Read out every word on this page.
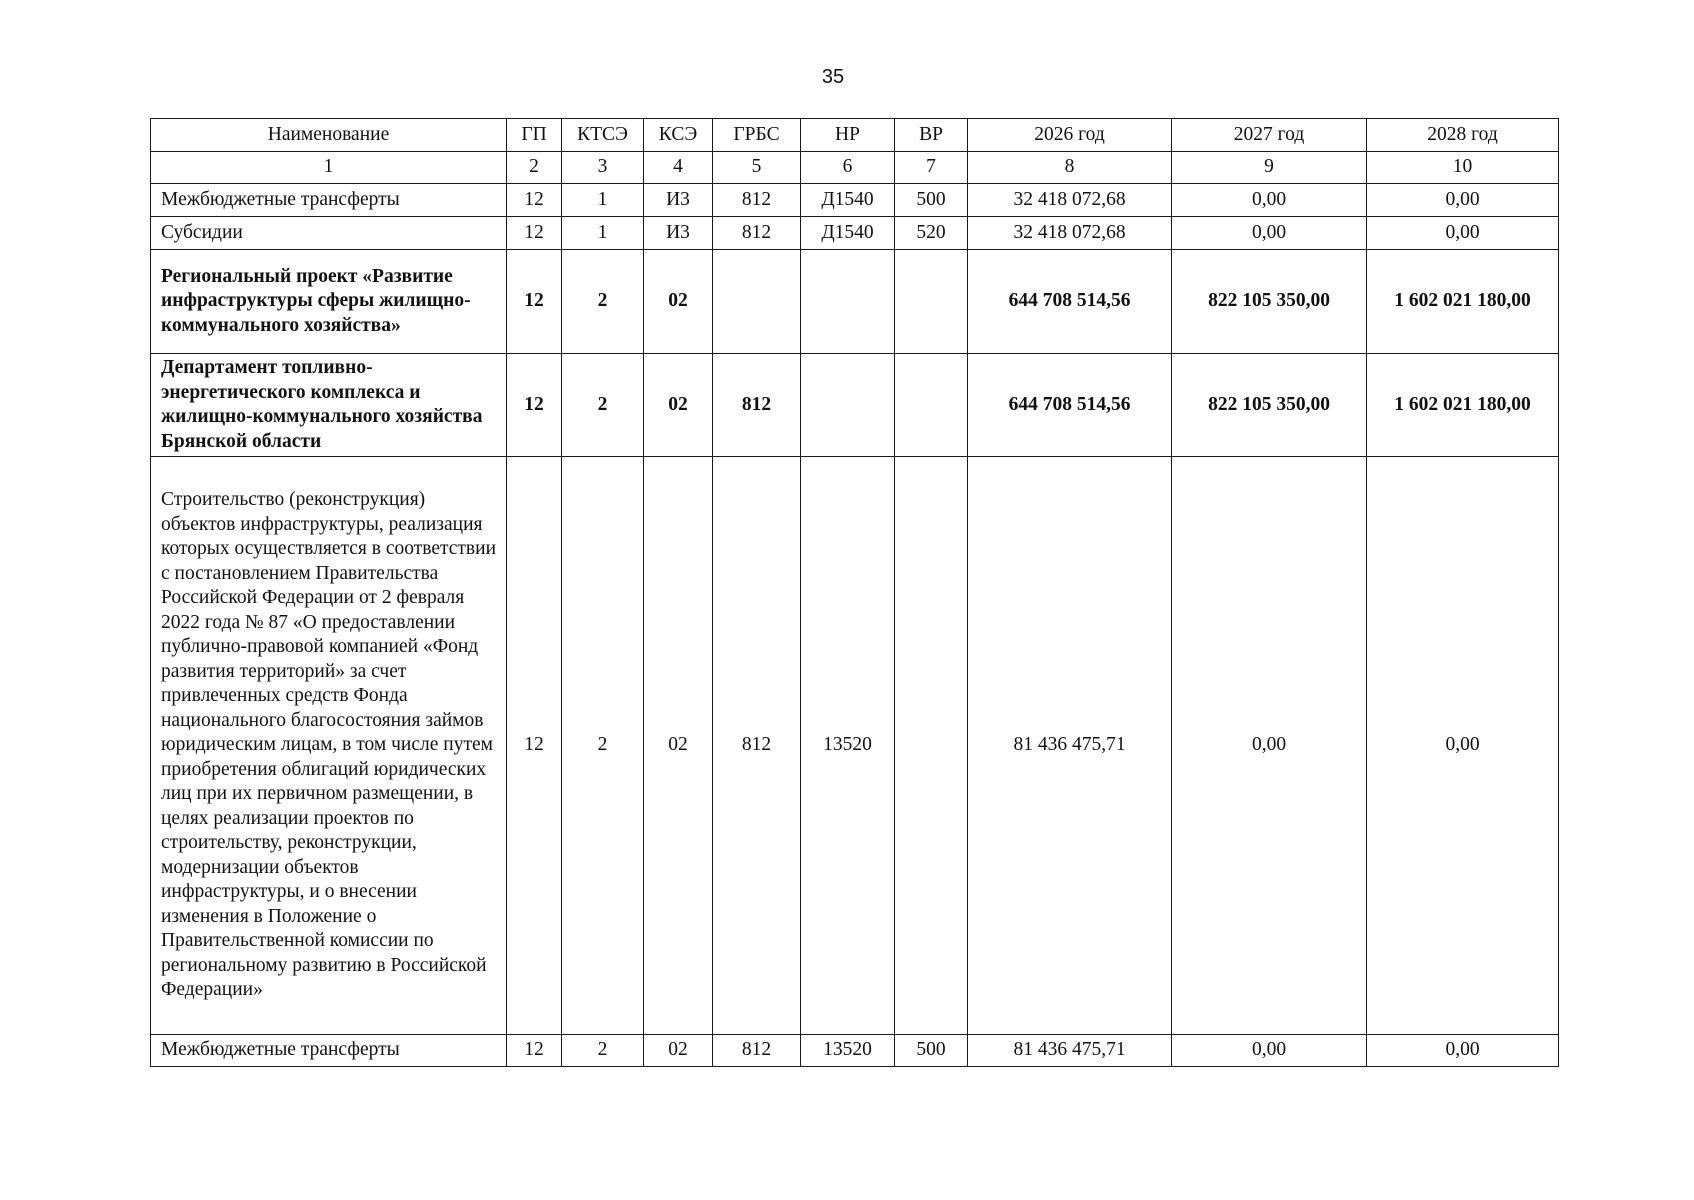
35
Наименование	ГП	КТСЭ	КСЭ	ГРБС	НР	ВР	2026 год	2027 год	2028 год
1	2	3	4	5	6	7	8	9	10
Межбюджетные трансферты	12	1	И3	812	Д1540	500	32 418 072,68	0,00	0,00
Субсидии	12	1	И3	812	Д1540	520	32 418 072,68	0,00	0,00
Региональный проект «Развитие инфраструктуры сферы жилищно-коммунального хозяйства»	12	2	02				644 708 514,56	822 105 350,00	1 602 021 180,00
Департамент топливно-энергетического комплекса и жилищно-коммунального хозяйства Брянской области	12	2	02	812			644 708 514,56	822 105 350,00	1 602 021 180,00
Строительство (реконструкция) объектов инфраструктуры, реализация которых осуществляется в соответствии с постановлением Правительства Российской Федерации от 2 февраля 2022 года № 87 «О предоставлении публично-правовой компанией «Фонд развития территорий» за счет привлеченных средств Фонда национального благосостояния займов юридическим лицам, в том числе путем приобретения облигаций юридических лиц при их первичном размещении, в целях реализации проектов по строительству, реконструкции, модернизации объектов инфраструктуры, и о внесении изменения в Положение о Правительственной комиссии по региональному развитию в Российской Федерации»	12	2	02	812	13520		81 436 475,71	0,00	0,00
Межбюджетные трансферты	12	2	02	812	13520	500	81 436 475,71	0,00	0,00
